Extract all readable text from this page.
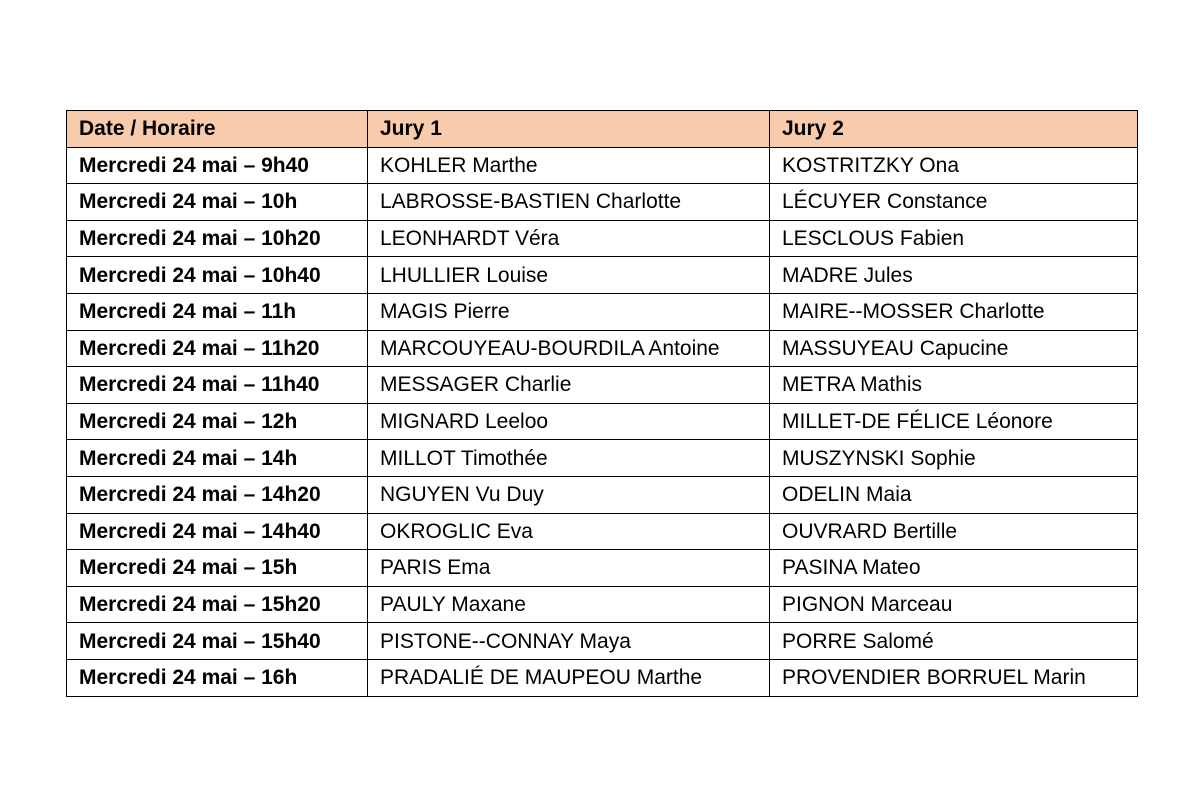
Date / Horaire	Jury 1	Jury 2
Mercredi 24 mai – 9h40	KOHLER Marthe	KOSTRITZKY Ona
Mercredi 24 mai – 10h	LABROSSE-BASTIEN Charlotte	LÉCUYER Constance
Mercredi 24 mai – 10h20	LEONHARDT Véra	LESCLOUS Fabien
Mercredi 24 mai – 10h40	LHULLIER Louise	MADRE Jules
Mercredi 24 mai – 11h	MAGIS Pierre	MAIRE--MOSSER Charlotte
Mercredi 24 mai – 11h20	MARCOUYEAU-BOURDILA Antoine	MASSUYEAU Capucine
Mercredi 24 mai – 11h40	MESSAGER Charlie	METRA Mathis
Mercredi 24 mai – 12h	MIGNARD Leeloo	MILLET-DE FÉLICE Léonore
Mercredi 24 mai – 14h	MILLOT Timothée	MUSZYNSKI Sophie
Mercredi 24 mai – 14h20	NGUYEN Vu Duy	ODELIN Maia
Mercredi 24 mai – 14h40	OKROGLIC Eva	OUVRARD Bertille
Mercredi 24 mai – 15h	PARIS Ema	PASINA Mateo
Mercredi 24 mai – 15h20	PAULY Maxane	PIGNON Marceau
Mercredi 24 mai – 15h40	PISTONE--CONNAY Maya	PORRE Salomé
Mercredi 24 mai – 16h	PRADALIÉ DE MAUPEOU Marthe	PROVENDIER BORRUEL Marin
